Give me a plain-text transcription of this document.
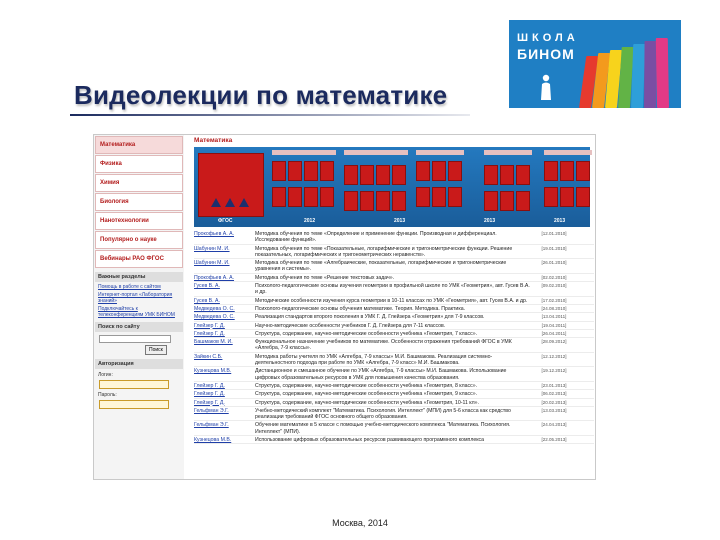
Видеолекции по математике
ШКОЛА
БИНОМ
Математика
Физика
Химия
Биология
Нанотехнологии
Популярно о науке
Вебинары РАО ФГОС
Важные разделы
Помощь в работе с сайтом
Интернет-портал «Лаборатория знаний»
Подключайтесь к телеконференциям УМК БИНОМ
Поиск по сайту
Поиск
Авторизация
Логин:
Пароль:
Математика
ФГОС	2012	2013	2013	2013
Прокофьев А. А.	Методика обучения по теме «Определение и применение функции. Производная и дифференциал. Исследование функций».
[12.01.2010]
Шабунин М. И.	Методика обучения по теме «Показательные, логарифмические и тригонометрические функции. Решение показательных, логарифмических и тригонометрических неравенств».
[19.01.2010]
Шабунин М. И.	Методика обучения по теме «Алгебраические, показательные, логарифмические и тригонометрические уравнения и системы».
[26.01.2010]
Прокофьев А. А.	Методика обучения по теме «Решение текстовых задач».	[02.02.2010]
Гусев В. А.	Психолого-педагогические основы изучения геометрии в профильной школе по УМК «Геометрия», авт. Гусев В.А. и др.
[09.02.2010]
Гусев В. А.	Методические особенности изучения курса геометрии в 10-11 классах по УМК «Геометрия», авт. Гусев В.А. и др.	[17.02.2010]
Медведева О. С.	Психолого-педагогические основы обучения математике. Теория. Методика. Практика.	[24.08.2010]
Медведева О. С.	Реализация стандартов второго поколения в УМК Г. Д. Глейзера «Геометрия» для 7-9 классов.	[13.04.2011]
Глейзер Г. Д.	Научно-методические особенности учебников Г. Д. Глейзера для 7-11 классов.	[19.04.2011]
Глейзер Г. Д.	Структура, содержание, научно-методические особенности учебника «Геометрия, 7 класс».	[26.04.2011]
Башмаков М. И.	Функциональное назначение учебников по математике. Особенности отражения требований ФГОС в УМК «Алгебра, 7-9 классы».
[28.09.2012]
Зайкин С.Б.	Методика работы учителя по УМК «Алгебра, 7-9 классы» М.И. Башмакова. Реализация системно-деятельностного подхода при работе по УМК «Алгебра, 7-9 класс» М.И. Башмакова.
[12.12.2012]
Кузнецова М.В.	Дистанционное и смешанное обучение по УМК «Алгебра, 7-9 классы» М.И. Башмакова. Использование цифровых образовательных ресурсов в УМК для повышения качества образования.
[19.12.2012]
Глейзер Г. Д.	Структура, содержание, научно-методические особенности учебника «Геометрия, 8 класс».	[23.01.2013]
Глейзер Г. Д.	Структура, содержание, научно-методические особенности учебника «Геометрия, 9 класс».	[06.02.2013]
Глейзер Г. Д.	Структура, содержание, научно-методические особенности учебника «Геометрия, 10-11 кл».	[20.02.2013]
Гельфман Э.Г.	Учебно-методический комплект "Математика. Психология. Интеллект" (МПИ) для 5-6 класса как средство реализации требований ФГОС основного общего образования.
[13.03.2013]
Гельфман Э.Г.	Обучение математике в 5 классе с помощью учебно-методического комплекса "Математика. Психология. Интеллект" (МПИ).
[24.04.2013]
Кузнецова М.В.	Использование цифровых образовательных ресурсов развивающего программного комплекса	[22.05.2013]
Москва, 2014
